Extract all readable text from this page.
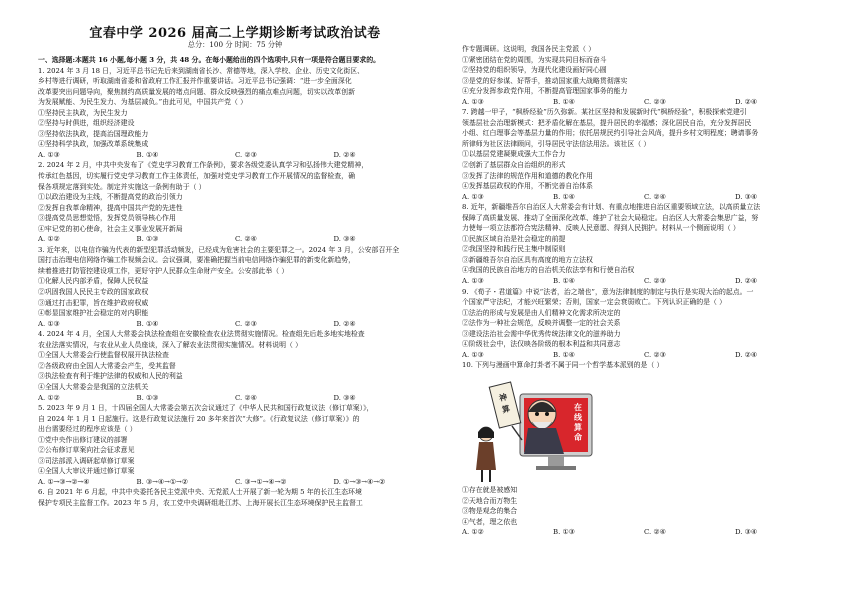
宜春中学 2026 届高二上学期诊断考试政治试卷

总分：100 分 时间：75 分钟

一、选择题:本题共 16 小题,每小题 3 分，共 48 分。在每小题给出的四个选项中,只有一项是符合题目要求的。

1. 2024 年 3 月 18 日，习近平总书记先后来到湖南省长沙、常德等地，深入学校、企业、历史文化街区、

乡村等进行调研，听取湖南省委和省政府工作汇报并作重要讲话。习近平总书记强调：“进一步全面深化

改革要突出问题导向，聚焦制约高质量发展的堵点问题、群众反映强烈的痛点难点问题，切实以改革创新

为发展赋能、为民生发力、为基层减负。”由此可见，中国共产党（ ）

①坚持民主执政，为民生发力

②坚持与时俱进，组织经济建设

③坚持依法执政，提高治国理政能力

④坚持科学执政，加强改革系统集成

A. ①③	B. ①④	C. ②③	D. ②④

2. 2024 年 2 月，中共中央发布了《党史学习教育工作条例》，要求各级党委认真学习和弘扬伟大建党精神，

传承红色基因，切实履行党史学习教育工作主体责任，加强对党史学习教育工作开展情况的监督检查，确

保各项规定落到实处。制定并实施这一条例有助于（ ）

①以政治建设为主线，不断提高党的政治引领力

②发挥自我革命精神，提高中国共产党的先进性

③提高党员思想觉悟，发挥党员领导核心作用

④牢记党的初心使命，社会主义事业发展开新局

A. ①②	B. ①③	C. ②④	D. ③④

3. 近年来，以电信诈骗为代表的新型犯罪活动频发，已经成为危害社会的主要犯罪之一。2024 年 3 月，公安部召开全

国打击治理电信网络诈骗工作视频会议。会议强调，要准确把握当前电信网络诈骗犯罪的新变化新趋势，

续着推进打防管控建设项工作，更好守护人民群众生命财产安全。公安部此举（ ）

①化解人民内部矛盾，保障人民权益

②巩固我国人民民主专政的国家政权

③通过打击犯罪，旨在维护政府权威

④彰显国家维护社会稳定的对内职能

A. ①③	B. ①④	C. ②③	D. ②④

4. 2024 年 4 月，全国人大常委会执法检查组在安徽检查农业法贯彻实施情况。检查组先后赴多地实地检查

农业法落实情况，与农业从业人员座谈，深入了解农业法贯彻实施情况。材料说明（ ）

①全国人大常委会行使监督权展开执法检查

②各级政府由全国人大常委会产生，受其监督

③执法检查有利于维护法律的权威和人民的利益

④全国人大常委会是我国的立法机关

A. ①②	B. ①③	C. ②④	D. ③④

5. 2023 年 9 月 1 日，十四届全国人大常委会第五次会议通过了《中华人民共和国行政复议法（修订草案）》，

自 2024 年 1 月 1 日起施行。这是行政复议法施行 20 多年来首次“大修”。《行政复议法（修订草案）》的

出台需要经过的程序应该是（ ）

①党中央作出修订建议的部署

②公布修订草案向社会征求意见

③司法部派入调研起草修订草案

④全国人大审议并通过修订草案

A. ①→③→②→④	B. ③→④→①→②	C. ③→①→④→②	D. ①→③→④→②

6. 自 2021 年 6 月起，中共中央委托各民主党派中央、无党派人士开展了新一轮为期 5 年的长江生态环境

保护专项民主监督工作。2023 年 5 月，农工党中央调研组赴江苏、上海开展长江生态环境保护民主监督工

作专题调研。这说明，我国各民主党派（ ）

①紧密团结在党的周围，为实现共同目标而奋斗

②坚持党的组织领导，为现代化建设画好同心圆

③是党的好参谋、好帮手，推动国家重大战略贯彻落实

④充分发挥参政党作用，不断提高管理国家事务的能力

A. ①③	B. ①④	C. ②③	D. ②④

7. 跨越一甲子，“枫桥经验”历久弥新。某社区坚持和发展新时代“枫桥经验”，积极探索党建引

领基层社会治理新模式：把矛盾化解在基层，提升居民的幸福感；深化居民自治，充分发挥居民

小组、红白理事会等基层力量的作用；依托居规民约引导社会风尚，提升乡村文明程度；聘请事务

所律师为社区法律顾问，引导居民守法信法用法。该社区（ ）

①以基层党建凝聚成强大工作合力

②创新了基层群众自治组织的形式

③发挥了法律的规范作用和道德的教化作用

④发挥基层政权的作用，不断完善自治体系

A. ①③	B. ①④	C. ②④	D. ③④

8. 近年，新疆维吾尔自治区人大常委会有计划、有重点地推进自治区重要领域立法，以高质量立法

保障了高质量发展、推动了全面深化改革、维护了社会大局稳定。自治区人大常委会集思广益，努

力使每一项立法都符合宪法精神、反映人民意愿、得到人民拥护。材料从一个侧面说明（ ）

①民族区域自治是社会稳定的前提

②我国坚持和践行民主集中制原则

③新疆维吾尔自治区具有高度的地方立法权

④我国的民族自治地方的自治机关依法享有和行使自治权

A. ①③	B. ①④	C. ②③	D. ②④

9. 《荀子・君道篇》中说“法者，治之端也”，意为法律制度的制定与执行是实现大治的起点。一

个国家严守法纪，才能兴旺繁荣；否则，国家一定会衰弱败亡。下列认识正确的是（ ）

①法治的形成与发展是由人们精神文化需求所决定的

②法作为一种社会规范，反映并调整一定的社会关系

③建设法治社会需中华优秀传统法律文化的滋养助力

④阶级社会中，法仅映各阶级的根本利益和共同意志

A. ①③	B. ①④	C. ②③	D. ②④

10. 下列与漫画中算命打卦者不属于同一个哲学基本派别的是（ ）

①存在就是被感知

②天地合而万物生

③物是观念的集合

④气者，理之依也

A. ①②	B. ①③	C. ②④	D. ③④
在
线
算
命
神
算
